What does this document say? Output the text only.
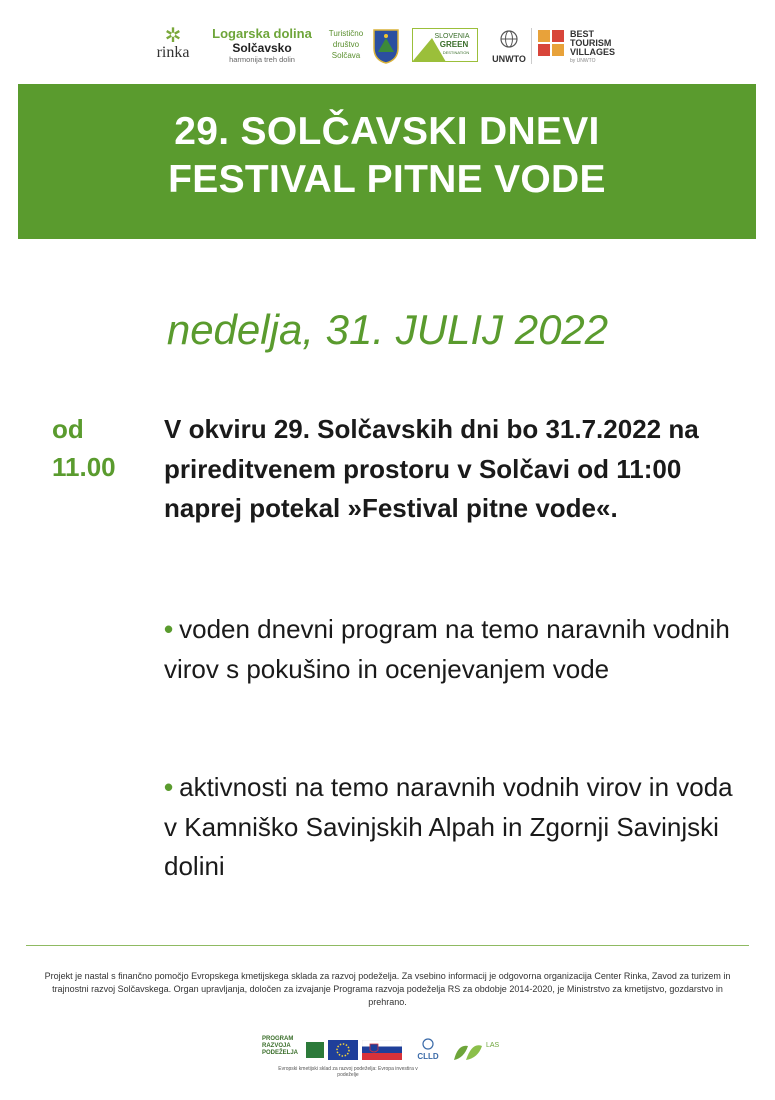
✲
rinka
Logarska dolina
Solčavsko
harmonija treh dolin
Turistično
društvo
Solčava
SLOVENIA
GREEN
DESTINATION
UNWTO
BEST
TOURISM
VILLAGES
by UNWTO
29. SOLČAVSKI DNEVI
FESTIVAL PITNE VODE
nedelja, 31. JULIJ 2022
od
11.00
V okviru 29. Solčavskih dni bo 31.7.2022 na prireditvenem prostoru v Solčavi od 11:00 naprej potekal »Festival pitne vode«.
• voden dnevni program na temo naravnih vodnih virov s pokušino in ocenjevanjem vode
• aktivnosti na temo naravnih vodnih virov in voda v Kamniško Savinjskih Alpah in Zgornji Savinjski dolini
Projekt je nastal s finančno pomočjo Evropskega kmetijskega sklada za razvoj podeželja. Za vsebino informacij je odgovorna organizacija Center Rinka, Zavod za turizem in trajnostni razvoj Solčavskega. Organ upravljanja, določen za izvajanje Programa razvoja podeželja RS za obdobje 2014-2020, je Ministrstvo za kmetijstvo, gozdarstvo in prehrano.
PROGRAM RAZVOJA PODEŽELJA	CLLD
LAS
Evropski kmetijski sklad za razvoj podeželja: Evropa investira v podeželje
